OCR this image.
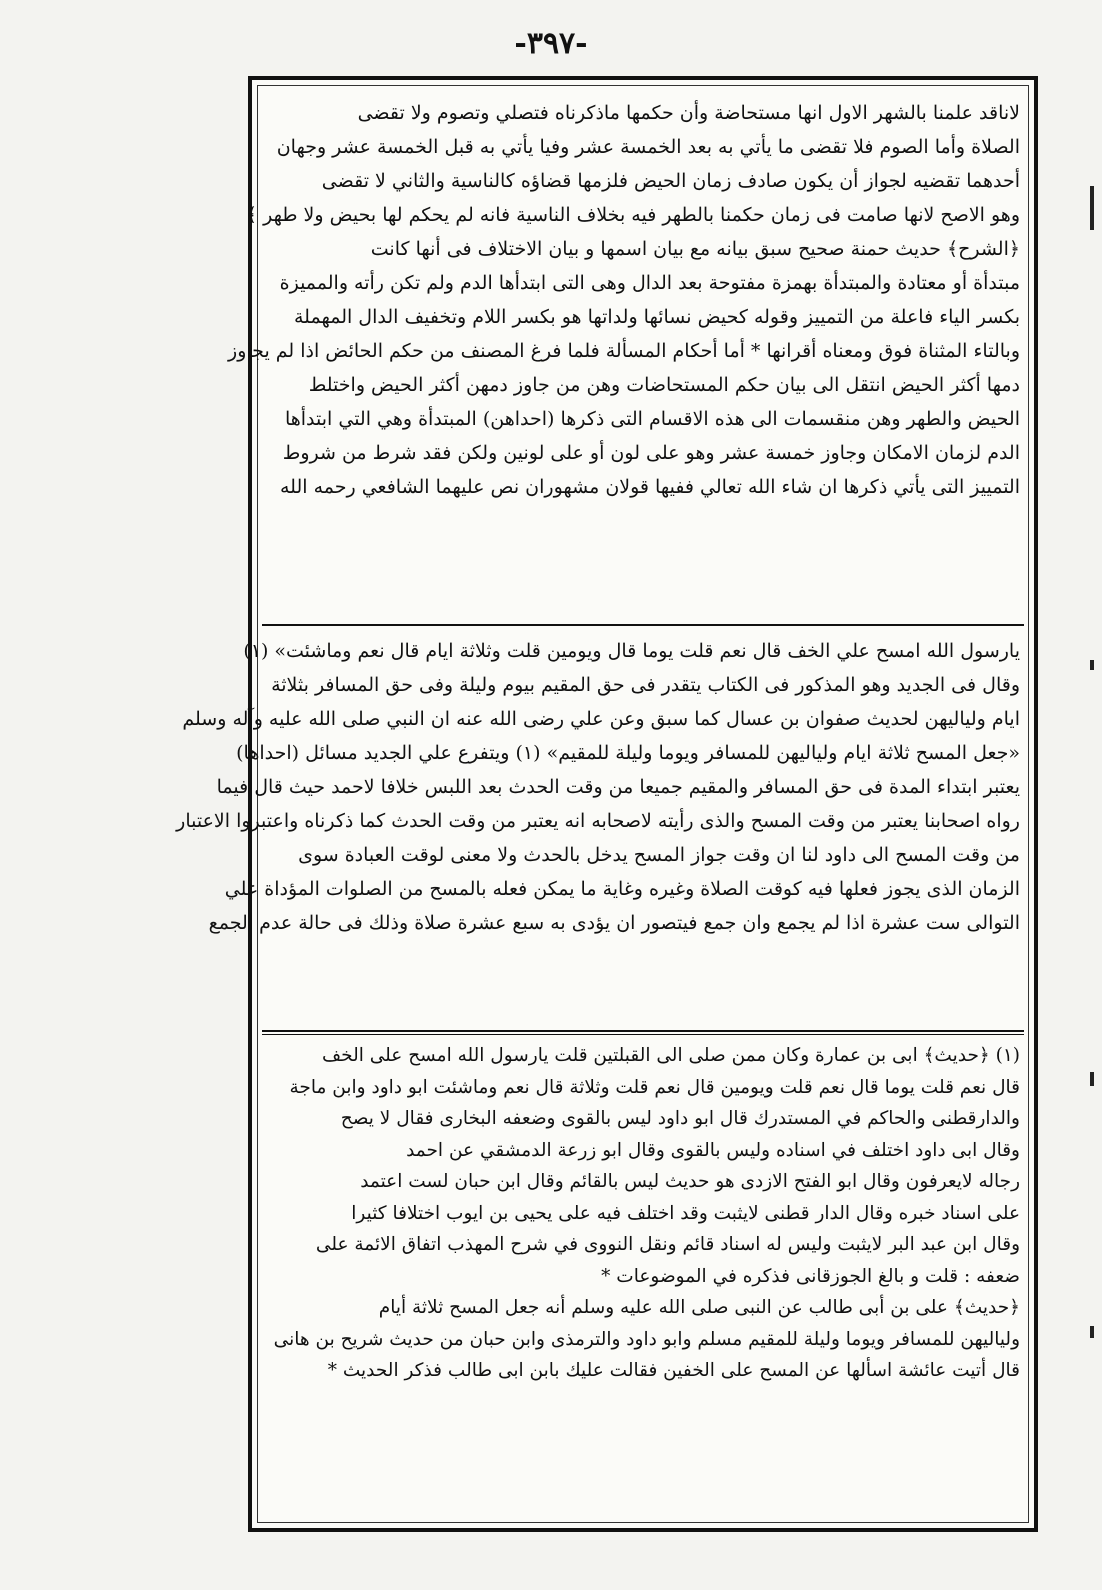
-٣٩٧-
لاناقد علمنا بالشهر الاول انها مستحاضة وأن حكمها ماذكرناه فتصلي وتصوم ولا تقضى
الصلاة وأما الصوم فلا تقضى ما يأتي به بعد الخمسة عشر وفيا يأتي به قبل الخمسة عشر وجهان
أحدهما تقضيه لجواز أن يكون صادف زمان الحيض فلزمها قضاؤه كالناسية والثاني لا تقضى
وهو الاصح لانها صامت فى زمان حكمنا بالطهر فيه بخلاف الناسية فانه لم يحكم لها بحيض ولا طهر ﴾
﴿الشرح﴾ حديث حمنة صحيح سبق بيانه مع بيان اسمها و بيان الاختلاف فى أنها كانت
مبتدأة أو معتادة والمبتدأة بهمزة مفتوحة بعد الدال وهى التى ابتدأها الدم ولم تكن رأته والمميزة
بكسر الياء فاعلة من التمييز وقوله كحيض نسائها ولداتها هو بكسر اللام وتخفيف الدال المهملة
وبالتاء المثناة فوق ومعناه أقرانها * أما أحكام المسألة فلما فرغ المصنف من حكم الحائض اذا لم يجاوز
دمها أكثر الحيض انتقل الى بيان حكم المستحاضات وهن من جاوز دمهن أكثر الحيض واختلط
الحيض والطهر وهن منقسمات الى هذه الاقسام التى ذكرها (احداهن) المبتدأة وهي التي ابتدأها
الدم لزمان الامكان وجاوز خمسة عشر وهو على لون أو على لونين ولكن فقد شرط من شروط
التمييز التى يأتي ذكرها ان شاء الله تعالي ففيها قولان مشهوران نص عليهما الشافعي رحمه الله
يارسول الله امسح علي الخف قال نعم قلت يوما قال ويومين قلت وثلاثة ايام قال نعم وماشئت» (١)
وقال فى الجديد وهو المذكور فى الكتاب يتقدر فى حق المقيم بيوم وليلة وفى حق المسافر بثلاثة
ايام ولياليهن لحديث صفوان بن عسال كما سبق وعن علي رضى الله عنه ان النبي صلى الله عليه وآله وسلم
«جعل المسح ثلاثة ايام ولياليهن للمسافر ويوما وليلة للمقيم» (١) ويتفرع علي الجديد مسائل (احداها)
يعتبر ابتداء المدة فى حق المسافر والمقيم جميعا من وقت الحدث بعد اللبس خلافا لاحمد حيث قال فيما
رواه اصحابنا يعتبر من وقت المسح والذى رأيته لاصحابه انه يعتبر من وقت الحدث كما ذكرناه واعتبروا الاعتبار
من وقت المسح الى داود لنا ان وقت جواز المسح يدخل بالحدث ولا معنى لوقت العبادة سوى
الزمان الذى يجوز فعلها فيه كوقت الصلاة وغيره وغاية ما يمكن فعله بالمسح من الصلوات المؤداة علي
التوالى ست عشرة اذا لم يجمع وان جمع فيتصور ان يؤدى به سبع عشرة صلاة وذلك فى حالة عدم الجمع
(١) ﴿حديث﴾ ابى بن عمارة وكان ممن صلى الى القبلتين قلت يارسول الله امسح على الخف
قال نعم قلت يوما قال نعم قلت ويومين قال نعم قلت وثلاثة قال نعم وماشئت ابو داود وابن ماجة
والدارقطنى والحاكم في المستدرك قال ابو داود ليس بالقوى وضعفه البخارى فقال لا يصح
وقال ابى داود اختلف في اسناده وليس بالقوى وقال ابو زرعة الدمشقي عن احمد
رجاله لايعرفون وقال ابو الفتح الازدى هو حديث ليس بالقائم وقال ابن حبان لست اعتمد
على اسناد خبره وقال الدار قطنى لايثبت وقد اختلف فيه على يحيى بن ايوب اختلافا كثيرا
وقال ابن عبد البر لايثبت وليس له اسناد قائم ونقل النووى في شرح المهذب اتفاق الائمة على
ضعفه : قلت و بالغ الجوزقانى فذكره في الموضوعات *
﴿حديث﴾ على بن أبى طالب عن النبى صلى الله عليه وسلم أنه جعل المسح ثلاثة أيام
ولياليهن للمسافر ويوما وليلة للمقيم مسلم وابو داود والترمذى وابن حبان من حديث شريح بن هانى
قال أتيت عائشة اسألها عن المسح على الخفين فقالت عليك بابن ابى طالب فذكر الحديث *
